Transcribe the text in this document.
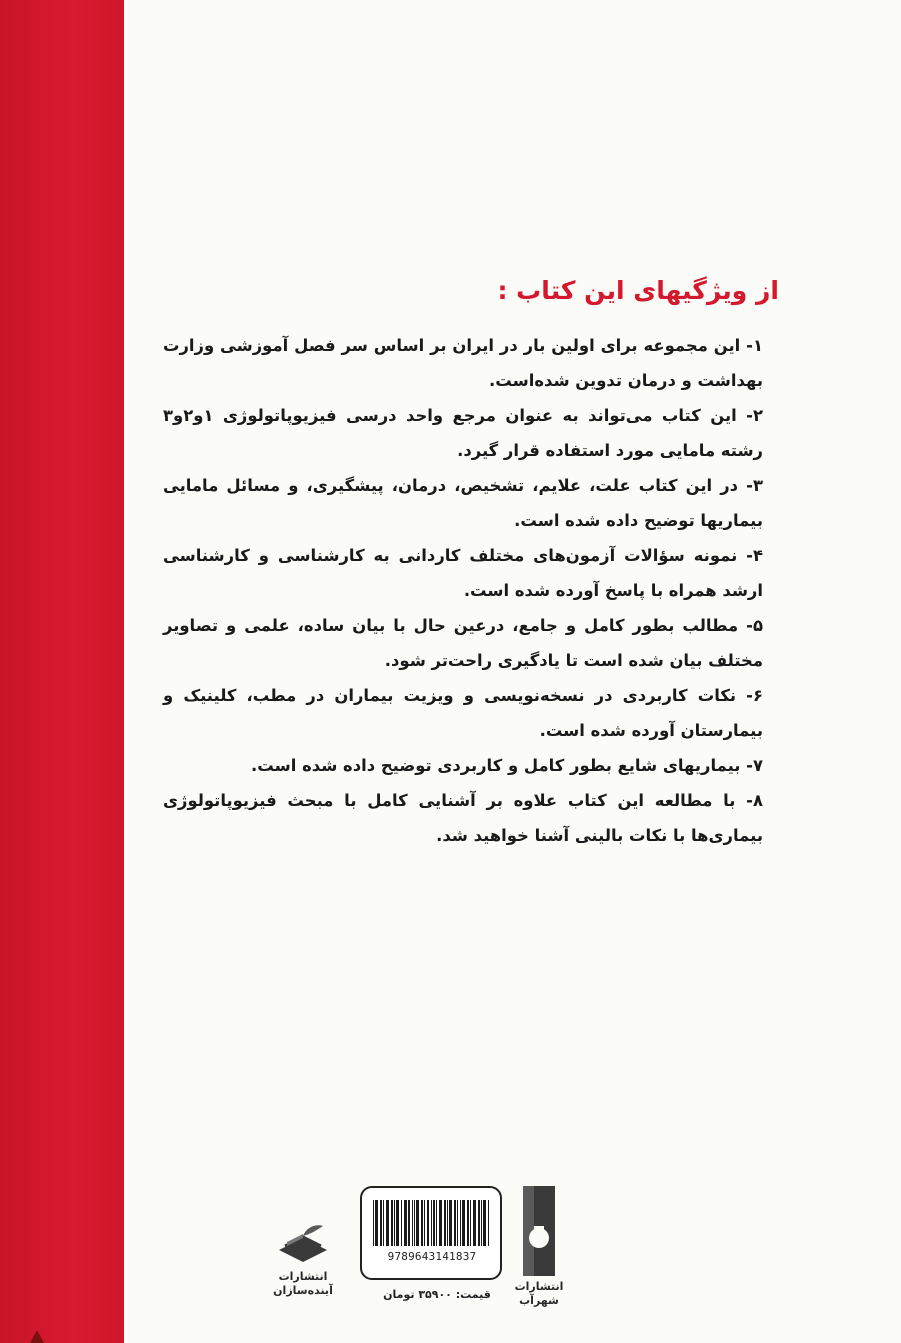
از ویژگیهای این کتاب :
۱- این مجموعه برای اولین بار در ایران بر اساس سر فصل آموزشی وزارت بهداشت و درمان تدوین شده‌است.
۲- این کتاب می‌تواند به عنوان مرجع واحد درسی فیزیوپاتولوژی ۱و۲و۳ رشته مامایی مورد استفاده قرار گیرد.
۳- در این کتاب علت، علایم، تشخیص، درمان، پیشگیری، و مسائل مامایی بیماریها توضیح داده شده است.
۴- نمونه سؤالات آزمون‌های مختلف کاردانی به کارشناسی و کارشناسی ارشد همراه با پاسخ آورده شده است.
۵- مطالب بطور کامل و جامع، درعین حال با بیان ساده، علمی و تصاویر مختلف بیان شده است تا یادگیری راحت‌تر شود.
۶- نکات کاربردی در نسخه‌نویسی و ویزیت بیماران در مطب، کلینیک و بیمارستان آورده شده است.
۷- بیماریهای شایع بطور کامل و کاربردی توضیح داده شده است.
۸- با مطالعه این کتاب علاوه بر آشنایی کامل با مبحث فیزیوپاتولوژی بیماری‌ها با نکات بالینی آشنا خواهید شد.
انتشارات شهرآب
9789643141837
قیمت: ۳۵۹۰۰ تومان
انتشارات آینده‌سازان
